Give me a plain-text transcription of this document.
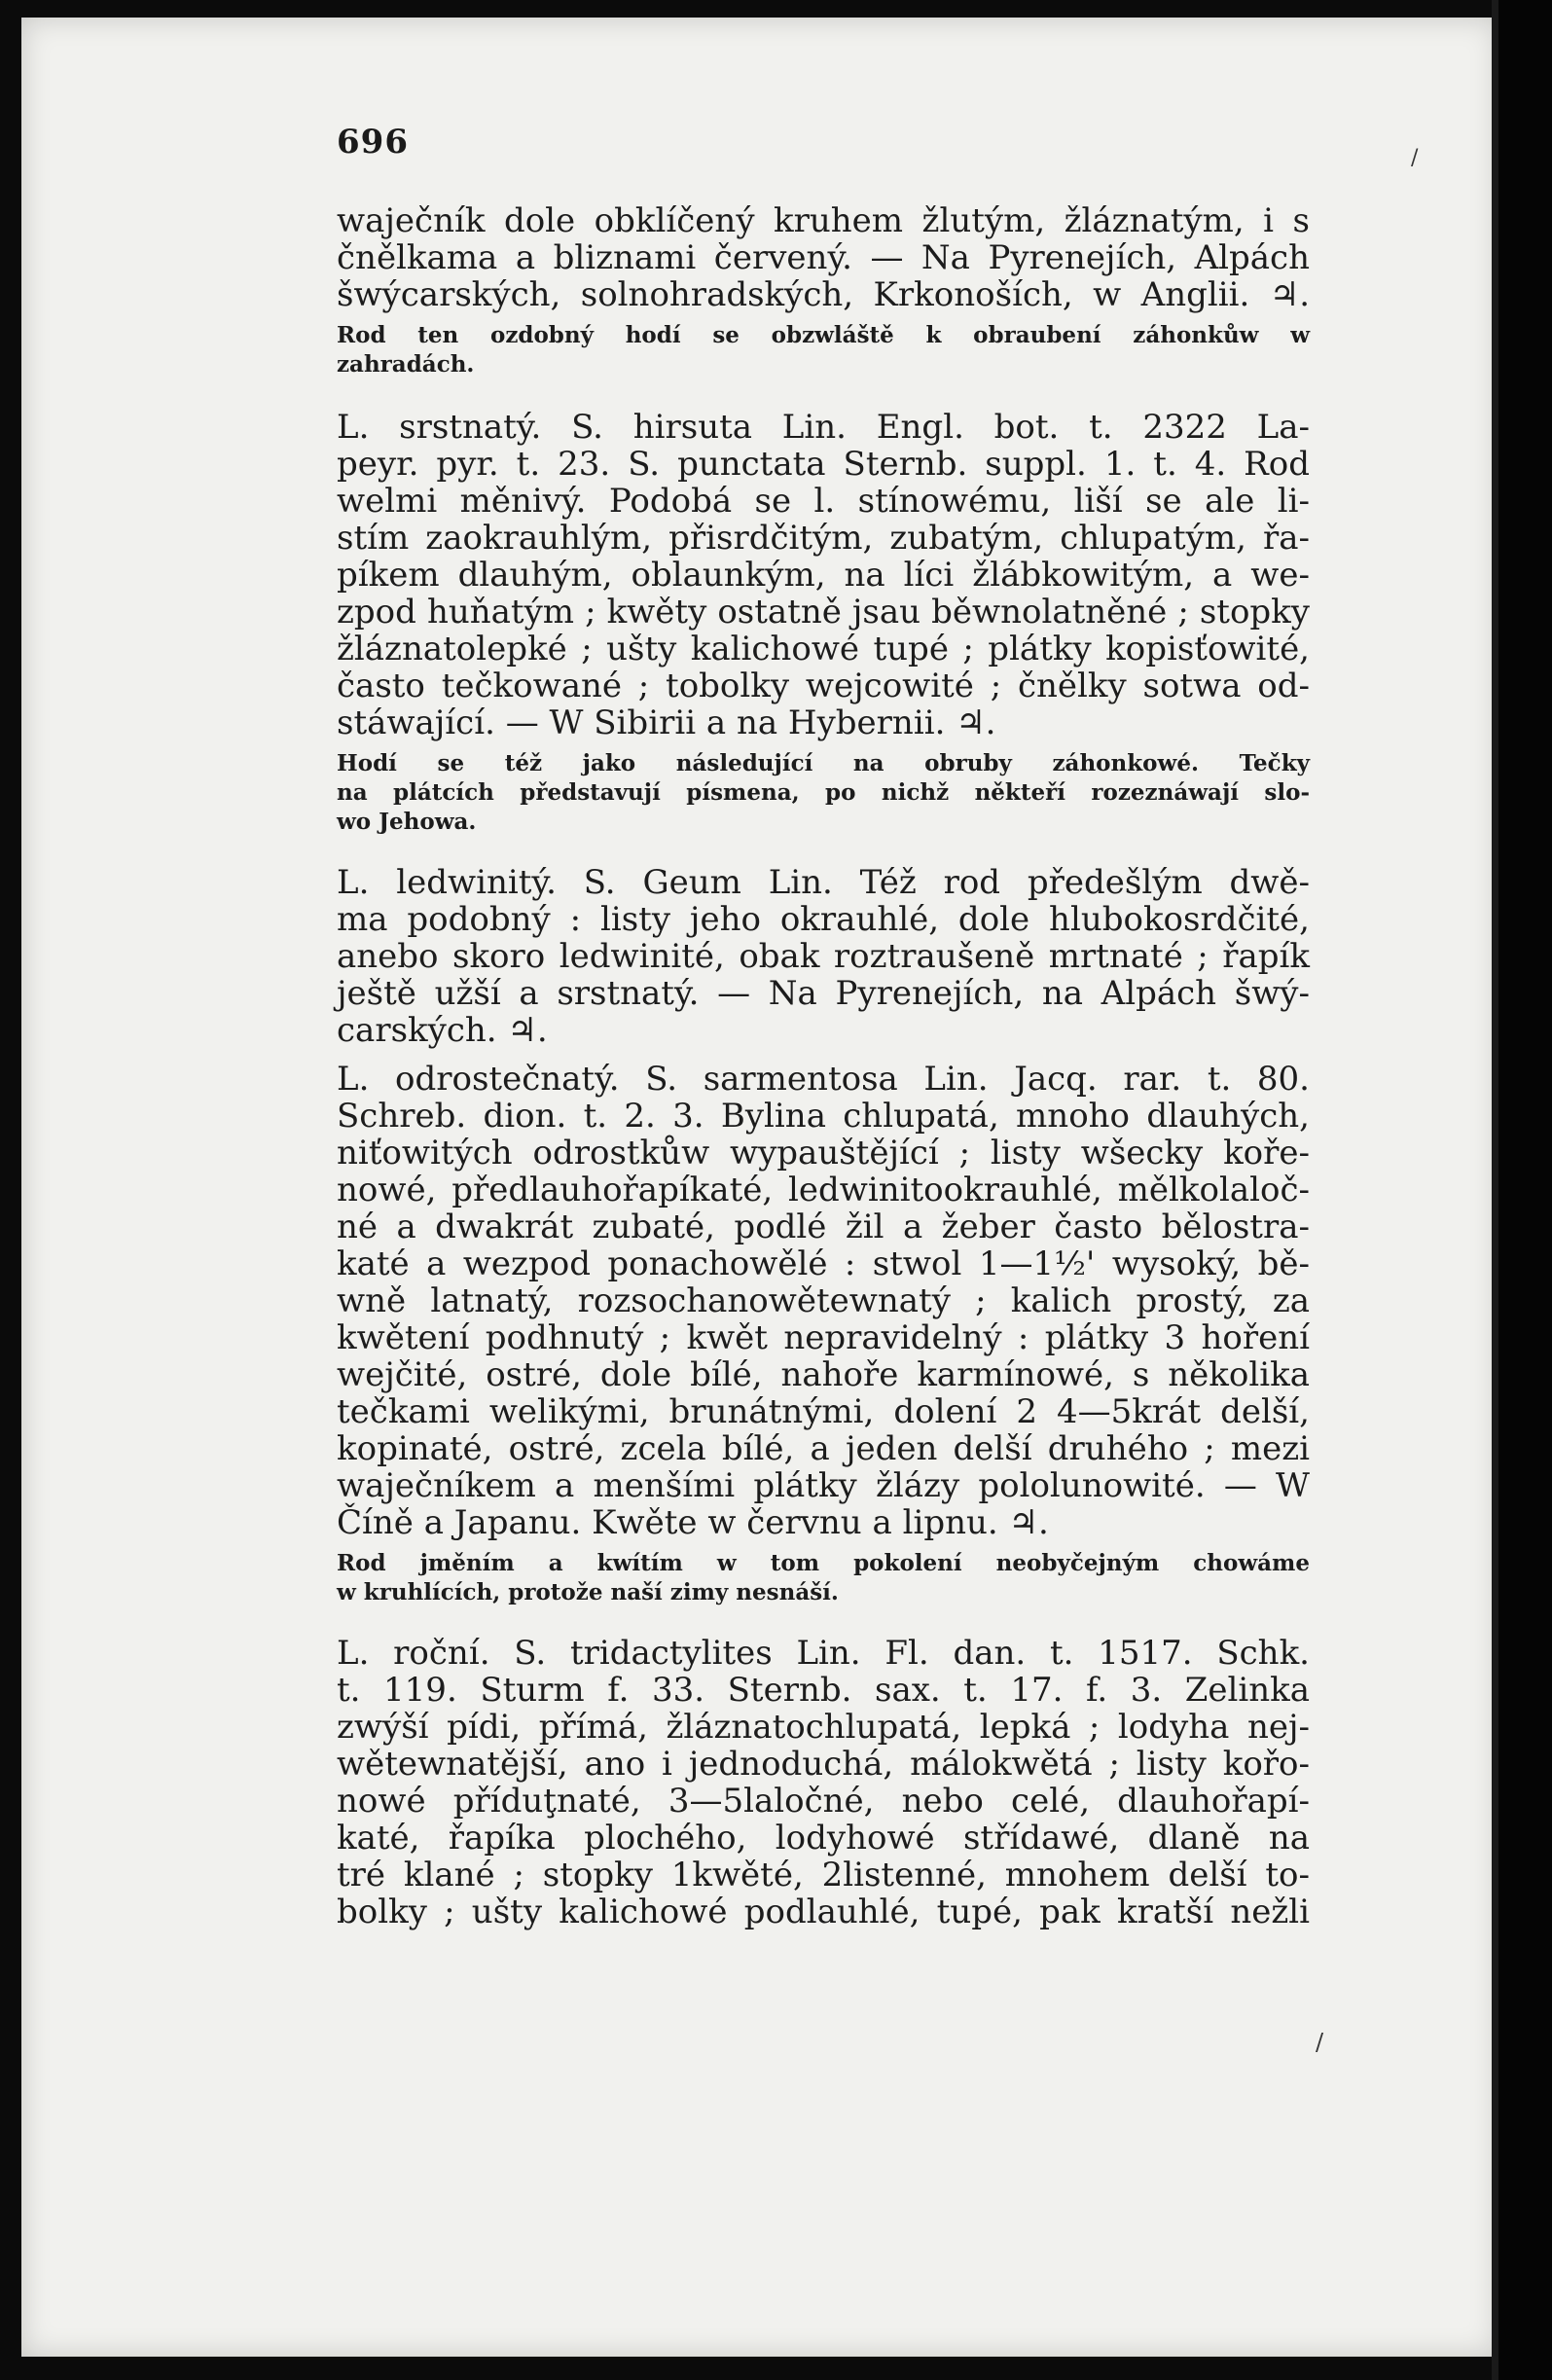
696
waječník dole obklíčený kruhem žlutým, žláznatým, i s
čnělkama a bliznami červený. — Na Pyrenejích, Alpách
šwýcarských, solnohradských, Krkonoších, w Anglii. ♃.
Rod ten ozdobný hodí se obzwláště k obraubení záhonkůw w
zahradách.
L. srstnatý. S. hirsuta Lin. Engl. bot. t. 2322 La-
peyr. pyr. t. 23. S. punctata Sternb. suppl. 1. t. 4. Rod
welmi měnivý. Podobá se l. stínowému, liší se ale li-
stím zaokrauhlým, přisrdčitým, zubatým, chlupatým, řa-
píkem dlauhým, oblaunkým, na líci žlábkowitým, a we-
zpod huňatým ; kwěty ostatně jsau běwnolatněné ; stopky
žláznatolepké ; ušty kalichowé tupé ; plátky kopisťowité,
často tečkowané ; tobolky wejcowité ; čnělky sotwa od-
stáwající. — W Sibirii a na Hybernii. ♃.
Hodí se též jako následující na obruby záhonkowé. Tečky
na plátcích představují písmena, po nichž někteří rozeznáwají slo-
wo Jehowa.
L. ledwinitý. S. Geum Lin. Též rod předešlým dwě-
ma podobný : listy jeho okrauhlé, dole hlubokosrdčité,
anebo skoro ledwinité, obak roztraušeně mrtnaté ; řapík
ještě užší a srstnatý. — Na Pyrenejích, na Alpách šwý-
carských. ♃.
L. odrostečnatý. S. sarmentosa Lin. Jacq. rar. t. 80.
Schreb. dion. t. 2. 3. Bylina chlupatá, mnoho dlauhých,
niťowitých odrostkůw wypauštějící ; listy wšecky koře-
nowé, předlauhořapíkaté, ledwinitookrauhlé, mělkolaloč-
né a dwakrát zubaté, podlé žil a žeber často bělostra-
katé a wezpod ponachowělé : stwol 1—1½' wysoký, bě-
wně latnatý, rozsochanowětewnatý ; kalich prostý, za
kwětení podhnutý ; kwět nepravidelný : plátky 3 hoření
wejčité, ostré, dole bílé, nahoře karmínowé, s několika
tečkami welikými, brunátnými, dolení 2 4—5krát delší,
kopinaté, ostré, zcela bílé, a jeden delší druhého ; mezi
waječníkem a menšími plátky žlázy pololunowité. — W
Číně a Japanu. Kwěte w červnu a lipnu. ♃.
Rod jměním a kwítím w tom pokolení neobyčejným chowáme
w kruhlících, protože naší zimy nesnáší.
L. roční. S. tridactylites Lin. Fl. dan. t. 1517. Schk.
t. 119. Sturm f. 33. Sternb. sax. t. 17. f. 3. Zelinka
zwýší pídi, přímá, žláznatochlupatá, lepká ; lodyha nej-
wětewnatější, ano i jednoduchá, málokwětá ; listy kořo-
nowé příduţnaté, 3—5laločné, nebo celé, dlauhořapí-
katé, řapíka plochého, lodyhowé střídawé, dlaně na
tré klané ; stopky 1kwěté, 2listenné, mnohem delší to-
bolky ; ušty kalichowé podlauhlé, tupé, pak kratší nežli
/
/
